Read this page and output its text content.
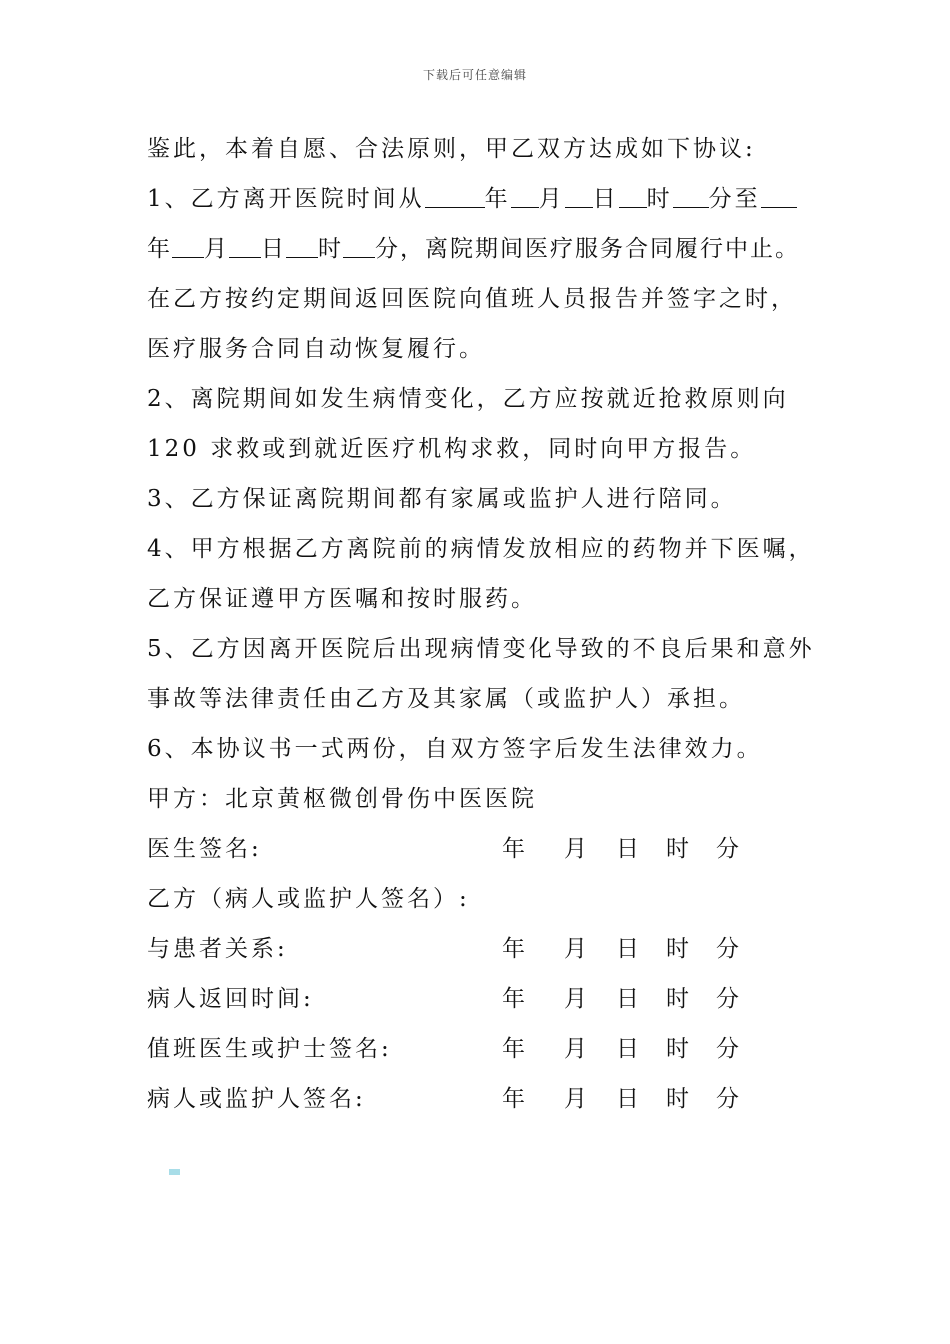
下载后可任意编辑
鉴此，本着自愿、合法原则，甲乙双方达成如下协议:
1、乙方离开医院时间从	年 月 日 时 分至
年 月 日 时 分，离院期间医疗服务合同履行中止。
在乙方按约定期间返回医院向值班人员报告并签字之时，
医疗服务合同自动恢复履行。
2、离院期间如发生病情变化，乙方应按就近抢救原则向
120 求救或到就近医疗机构求救，同时向甲方报告。
3、乙方保证离院期间都有家属或监护人进行陪同。
4、甲方根据乙方离院前的病情发放相应的药物并下医嘱，
乙方保证遵甲方医嘱和按时服药。
5、乙方因离开医院后出现病情变化导致的不良后果和意外
事故等法律责任由乙方及其家属（或监护人）承担。
6、本协议书一式两份，自双方签字后发生法律效力。
甲方：北京黄枢微创骨伤中医医院
医生签名:	年 月 日 时 分
乙方（病人或监护人签名）:
与患者关系:	年 月 日 时 分
病人返回时间:	年 月 日 时 分
值班医生或护士签名:	年 月 日 时 分
病人或监护人签名:	年 月 日 时 分
